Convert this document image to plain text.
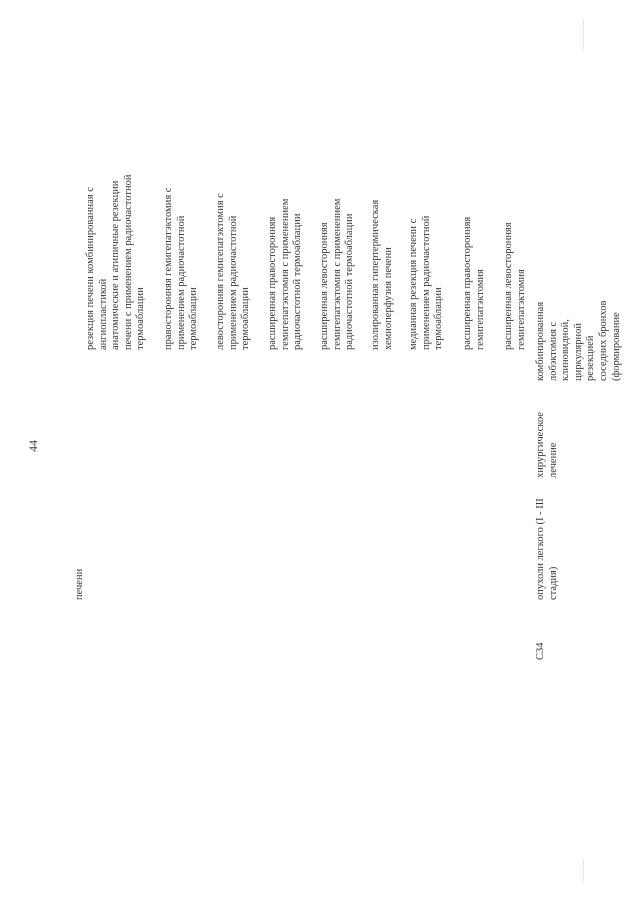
44
печени
резекция печени комбинированная с
ангиопластикой анатомические и атипичные резекции
печени с применением радиочастотной
термоаблации правосторонняя гемигепатэктомия с
применением радиочастотной
термоаблации левосторонняя гемигепатэктомия с
применением радиочастотной
термоаблации расширенная правосторонняя
гемигепатэктомия с применением
радиочастотной термоаблации
расширенная левосторонняя
гемигепатэктомия с применением
радиочастотной термоаблации
изолированная гипертермическая
хемиоперфузия печени
медианная резекция печени с
применением радиочастотной
термоаблации расширенная правосторонняя
гемигепатэктомия расширенная левосторонняя
гемигепатэктомия
С34
опухоли легкого (I - III
стадия)
хирургическое
лечение
комбинированная лобэктомия с
клиновидной, циркулярной резекцией
соседних бронхов (формирование
